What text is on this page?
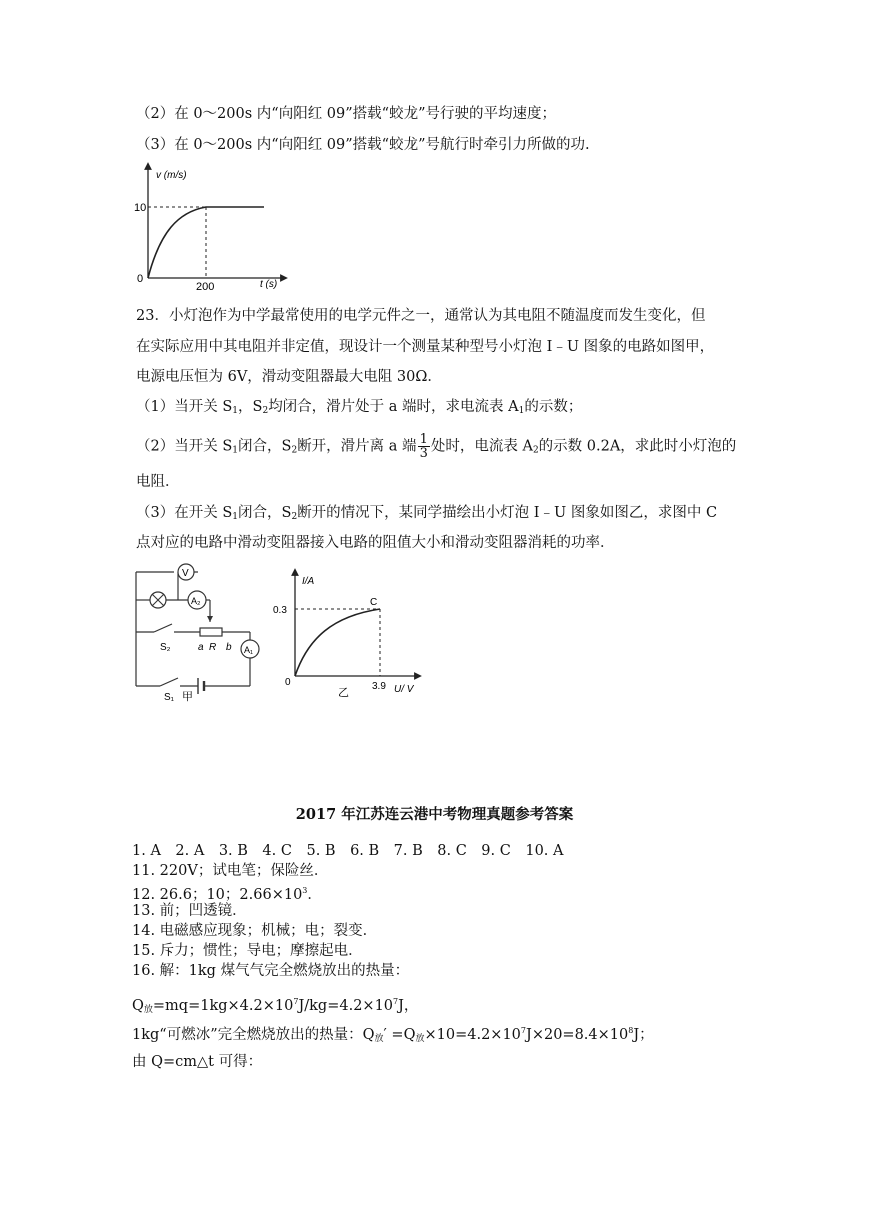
（2）在 0～200s 内“向阳红 09”搭载“蛟龙”号行驶的平均速度；
（3）在 0～200s 内“向阳红 09”搭载“蛟龙”号航行时牵引力所做的功.
v (m/s)
t (s)
10
200
0
23．小灯泡作为中学最常使用的电学元件之一，通常认为其电阻不随温度而发生变化，但
在实际应用中其电阻并非定值，现设计一个测量某种型号小灯泡 I﹣U 图象的电路如图甲，
电源电压恒为 6V，滑动变阻器最大电阻 30Ω．
（1）当开关 $S_1$，$S_2$均闭合，滑片处于 a 端时，求电流表 $A_1$的示数；
（2）当开关 $S_1$闭合，$S_2$断开，滑片离 a 端 $\frac{1}{3}$ 处时，电流表 $A_2$的示数 0.2A，求此时小灯泡的
电阻．
（3）在开关 $S_1$闭合，$S_2$断开的情况下，某同学描绘出小灯泡 I﹣U 图象如图乙，求图中 C
点对应的电路中滑动变阻器接入电路的阻值大小和滑动变阻器消耗的功率．
V
A₂
A₁
S₂
S₁
a R b
甲
I/A
U/ V
0.3
3.9
0
C
乙
2017 年江苏连云港中考物理真题参考答案
1. A　2. A　3. B　4. C　5. B　6. B　7. B　8. C　9. C　10. A
11. 220V；试电笔；保险丝．
12. 26.6；10；$2.66\times 10^3$．
13. 前；凹透镜．
14. 电磁感应现象；机械；电；裂变．
15. 斥力；惯性；导电；摩擦起电．
16. 解：1kg 煤气气完全燃烧放出的热量：
$Q_放=mq=1kg\times 4.2\times 10^7J/kg=4.2\times 10^7J$，
1kg“可燃冰”完全燃烧放出的热量：$Q_放' =Q_放\times 10=4.2\times 10^7J\times 20=8.4\times 10^8J$；
由 Q=cm△t 可得：
